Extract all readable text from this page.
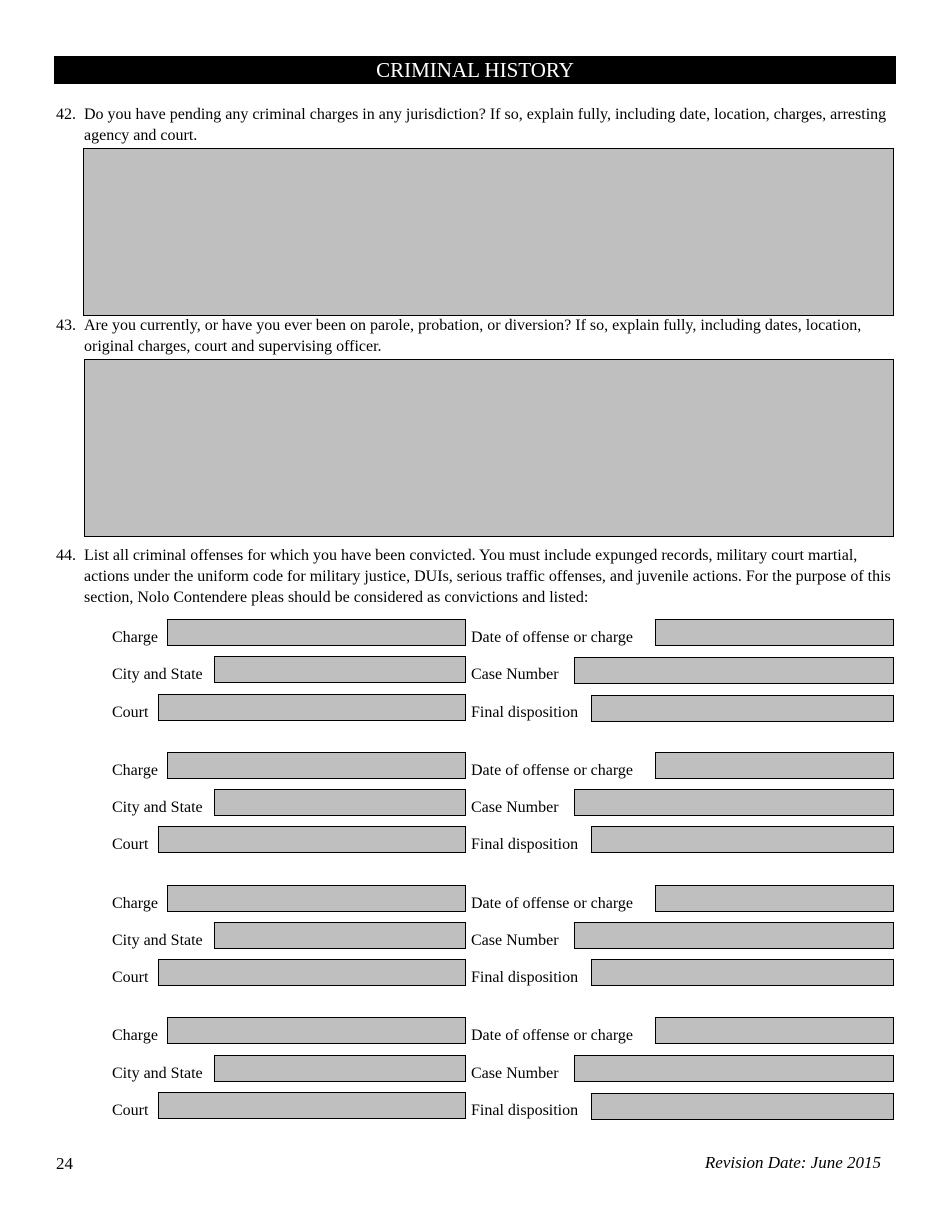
CRIMINAL HISTORY
42. Do you have pending any criminal charges in any jurisdiction? If so, explain fully, including date, location, charges, arresting agency and court.
43. Are you currently, or have you ever been on parole, probation, or diversion? If so, explain fully, including dates, location, original charges, court and supervising officer.
44. List all criminal offenses for which you have been convicted. You must include expunged records, military court martial, actions under the uniform code for military justice, DUIs, serious traffic offenses, and juvenile actions. For the purpose of this section, Nolo Contendere pleas should be considered as convictions and listed:
Charge	Date of offense or charge
City and State	Case Number
Court	Final disposition
Charge	Date of offense or charge
City and State	Case Number
Court	Final disposition
Charge	Date of offense or charge
City and State	Case Number
Court	Final disposition
Charge	Date of offense or charge
City and State	Case Number
Court	Final disposition
24	Revision Date: June 2015
